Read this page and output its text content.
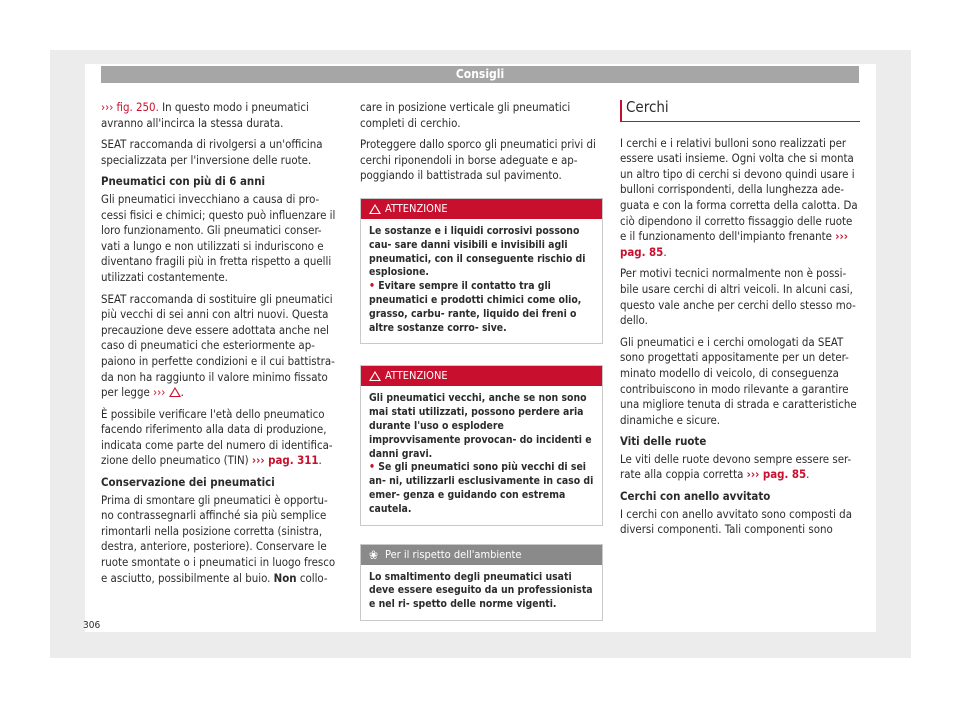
Consigli

››› fig. 250. In questo modo i pneumatici avranno all'incirca la stessa durata.

SEAT raccomanda di rivolgersi a un'officina specializzata per l'inversione delle ruote.

Pneumatici con più di 6 anni

Gli pneumatici invecchiano a causa di pro- cessi fisici e chimici; questo può influenzare il loro funzionamento. Gli pneumatici conser- vati a lungo e non utilizzati si induriscono e diventano fragili più in fretta rispetto a quelli utilizzati costantemente.

SEAT raccomanda di sostituire gli pneumatici più vecchi di sei anni con altri nuovi. Questa precauzione deve essere adottata anche nel caso di pneumatici che esteriormente ap- paiono in perfette condizioni e il cui battistra- da non ha raggiunto il valore minimo fissato per legge ››› .

È possibile verificare l'età dello pneumatico facendo riferimento alla data di produzione, indicata come parte del numero di identifica- zione dello pneumatico (TIN) ››› pag. 311.

Conservazione dei pneumatici

Prima di smontare gli pneumatici è opportu- no contrassegnarli affinché sia più semplice rimontarli nella posizione corretta (sinistra, destra, anteriore, posteriore). Conservare le ruote smontate o i pneumatici in luogo fresco e asciutto, possibilmente al buio. Non collo-

care in posizione verticale gli pneumatici completi di cerchio.

Proteggere dallo sporco gli pneumatici privi di cerchi riponendoli in borse adeguate e ap- poggiando il battistrada sul pavimento.

ATTENZIONE
Le sostanze e i liquidi corrosivi possono cau- sare danni visibili e invisibili agli pneumatici, con il conseguente rischio di esplosione.
• Evitare sempre il contatto tra gli pneumatici e prodotti chimici come olio, grasso, carbu- rante, liquido dei freni o altre sostanze corro- sive.
ATTENZIONE
Gli pneumatici vecchi, anche se non sono mai stati utilizzati, possono perdere aria durante l'uso o esplodere improvvisamente provocan- do incidenti e danni gravi.
• Se gli pneumatici sono più vecchi di sei an- ni, utilizzarli esclusivamente in caso di emer- genza e guidando con estrema cautela.
❀ Per il rispetto dell'ambiente
Lo smaltimento degli pneumatici usati deve essere eseguito da un professionista e nel ri- spetto delle norme vigenti.
Cerchi

I cerchi e i relativi bulloni sono realizzati per essere usati insieme. Ogni volta che si monta un altro tipo di cerchi si devono quindi usare i bulloni corrispondenti, della lunghezza ade- guata e con la forma corretta della calotta. Da ciò dipendono il corretto fissaggio delle ruote e il funzionamento dell'impianto frenante ››› pag. 85.

Per motivi tecnici normalmente non è possi- bile usare cerchi di altri veicoli. In alcuni casi, questo vale anche per cerchi dello stesso mo- dello.

Gli pneumatici e i cerchi omologati da SEAT sono progettati appositamente per un deter- minato modello di veicolo, di conseguenza contribuiscono in modo rilevante a garantire una migliore tenuta di strada e caratteristiche dinamiche e sicure.

Viti delle ruote

Le viti delle ruote devono sempre essere ser- rate alla coppia corretta ››› pag. 85.

Cerchi con anello avvitato

I cerchi con anello avvitato sono composti da diversi componenti. Tali componenti sono

306
